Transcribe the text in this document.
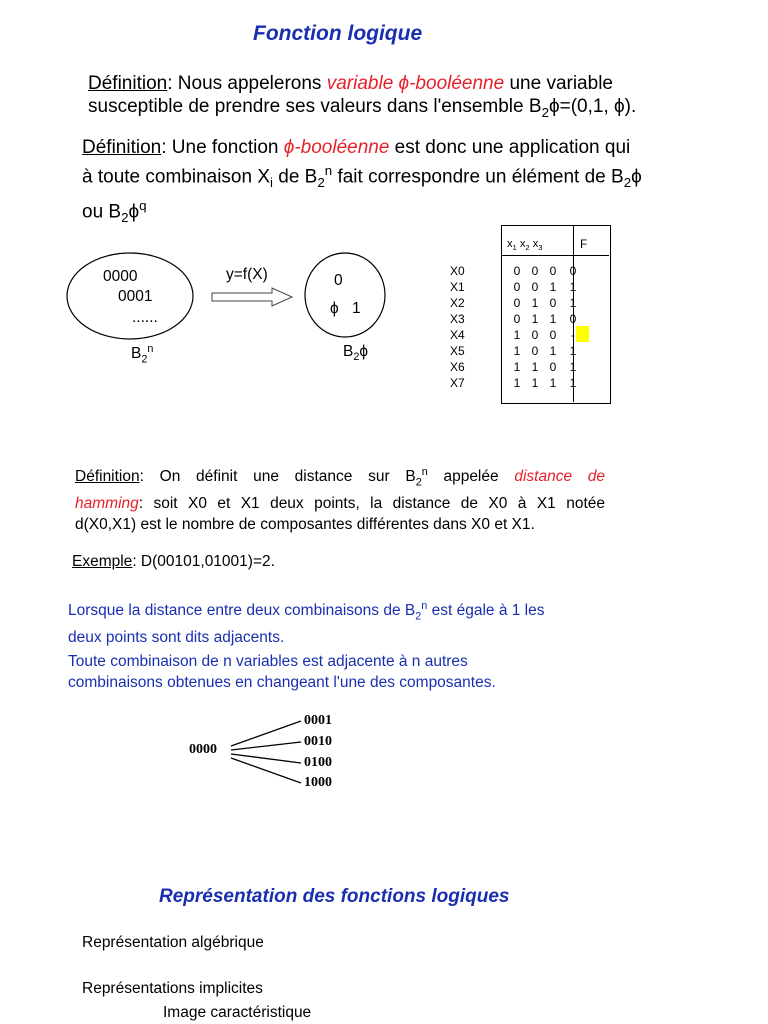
Fonction logique
Définition: Nous appelerons variable ϕ-booléenne une variable
susceptible de prendre ses valeurs dans l'ensemble $B_2\phi=(0,1$, ϕ).
Définition: Une fonction ϕ-booléenne est donc une application qui
à toute combinaison $X_i$ de $B_2^n$ fait correspondre un élément de $B_2\phi$
ou $B_2\phi^q$
0000
0001
......
$B_2^n$
y=f(X)	0
ϕ 1
$B_2\phi$
$x_1$ $x_2$ $x_3$	F
X0	0	0	0	0
X1	0	0	1	1
X2	0	1	0	1
X3	0	1	1	0
X4	1	0	0	-
X5	1	0	1	1
X6	1	1	0	1
X7	1	1	1	1
Définition: On définit une distance sur $B_2^n$ appelée distance de
hamming: soit X0 et X1 deux points, la distance de X0 à X1 notée
d(X0,X1) est le nombre de composantes différentes dans X0 et X1.
Exemple: D(00101,01001)=2.
Lorsque la distance entre deux combinaisons de $B_2^n$ est égale à 1 les
deux points sont dits adjacents.
Toute combinaison de n variables est adjacente à n autres
combinaisons obtenues en changeant l'une des composantes.
0000
0001
0010
0100
1000
Représentation des fonctions logiques
Représentation algébrique
Représentations implicites
Image caractéristique
